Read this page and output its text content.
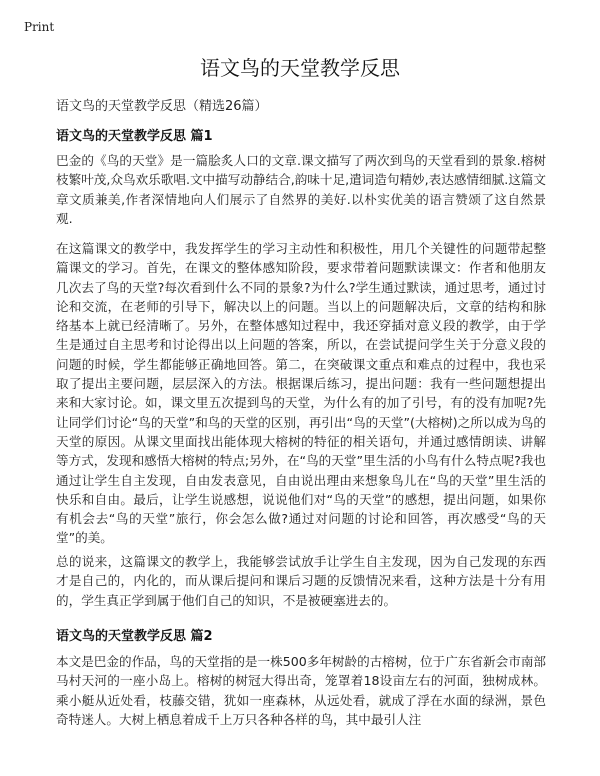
Print
语文鸟的天堂教学反思

语文鸟的天堂教学反思（精选26篇）

语文鸟的天堂教学反思 篇1

巴金的《鸟的天堂》是一篇脍炙人口的文章.课文描写了两次到鸟的天堂看到的景象.榕树枝繁叶茂,众鸟欢乐歌唱.文中描写动静结合,韵味十足,遣词造句精妙,表达感情细腻.这篇文章文质兼美,作者深情地向人们展示了自然界的美好.以朴实优美的语言赞颂了这自然景观.

在这篇课文的教学中，我发挥学生的学习主动性和积极性，用几个关键性的问题带起整篇课文的学习。首先，在课文的整体感知阶段，要求带着问题默读课文：作者和他朋友几次去了鸟的天堂?每次看到什么不同的景象?为什么?学生通过默读，通过思考，通过讨论和交流，在老师的引导下，解决以上的问题。当以上的问题解决后，文章的结构和脉络基本上就已经清晰了。另外，在整体感知过程中，我还穿插对意义段的教学，由于学生是通过自主思考和讨论得出以上问题的答案，所以，在尝试提问学生关于分意义段的问题的时候，学生都能够正确地回答。第二，在突破课文重点和难点的过程中，我也采取了提出主要问题，层层深入的方法。根据课后练习，提出问题：我有一些问题想提出来和大家讨论。如，课文里五次提到鸟的天堂，为什么有的加了引号，有的没有加呢?先让同学们讨论“鸟的天堂”和鸟的天堂的区别，再引出“鸟的天堂”(大榕树)之所以成为鸟的天堂的原因。从课文里面找出能体现大榕树的特征的相关语句，并通过感情朗读、讲解等方式，发现和感悟大榕树的特点;另外，在“鸟的天堂”里生活的小鸟有什么特点呢?我也通过让学生自主发现，自由发表意见，自由说出理由来想象鸟儿在“鸟的天堂”里生活的快乐和自由。最后，让学生说感想，说说他们对“鸟的天堂”的感想，提出问题，如果你有机会去“鸟的天堂”旅行，你会怎么做?通过对问题的讨论和回答，再次感受“鸟的天堂”的美。

总的说来，这篇课文的教学上，我能够尝试放手让学生自主发现，因为自己发现的东西才是自己的，内化的，而从课后提问和课后习题的反馈情况来看，这种方法是十分有用的，学生真正学到属于他们自己的知识，不是被硬塞进去的。

语文鸟的天堂教学反思 篇2

本文是巴金的作品，鸟的天堂指的是一株500多年树龄的古榕树，位于广东省新会市南部马村天河的一座小岛上。榕树的树冠大得出奇，笼罩着18设亩左右的河面，独树成林。乘小艇从近处看，枝藤交错，犹如一座森林，从远处看，就成了浮在水面的绿洲，景色奇特迷人。大树上栖息着成千上万只各种各样的鸟，其中最引人注
